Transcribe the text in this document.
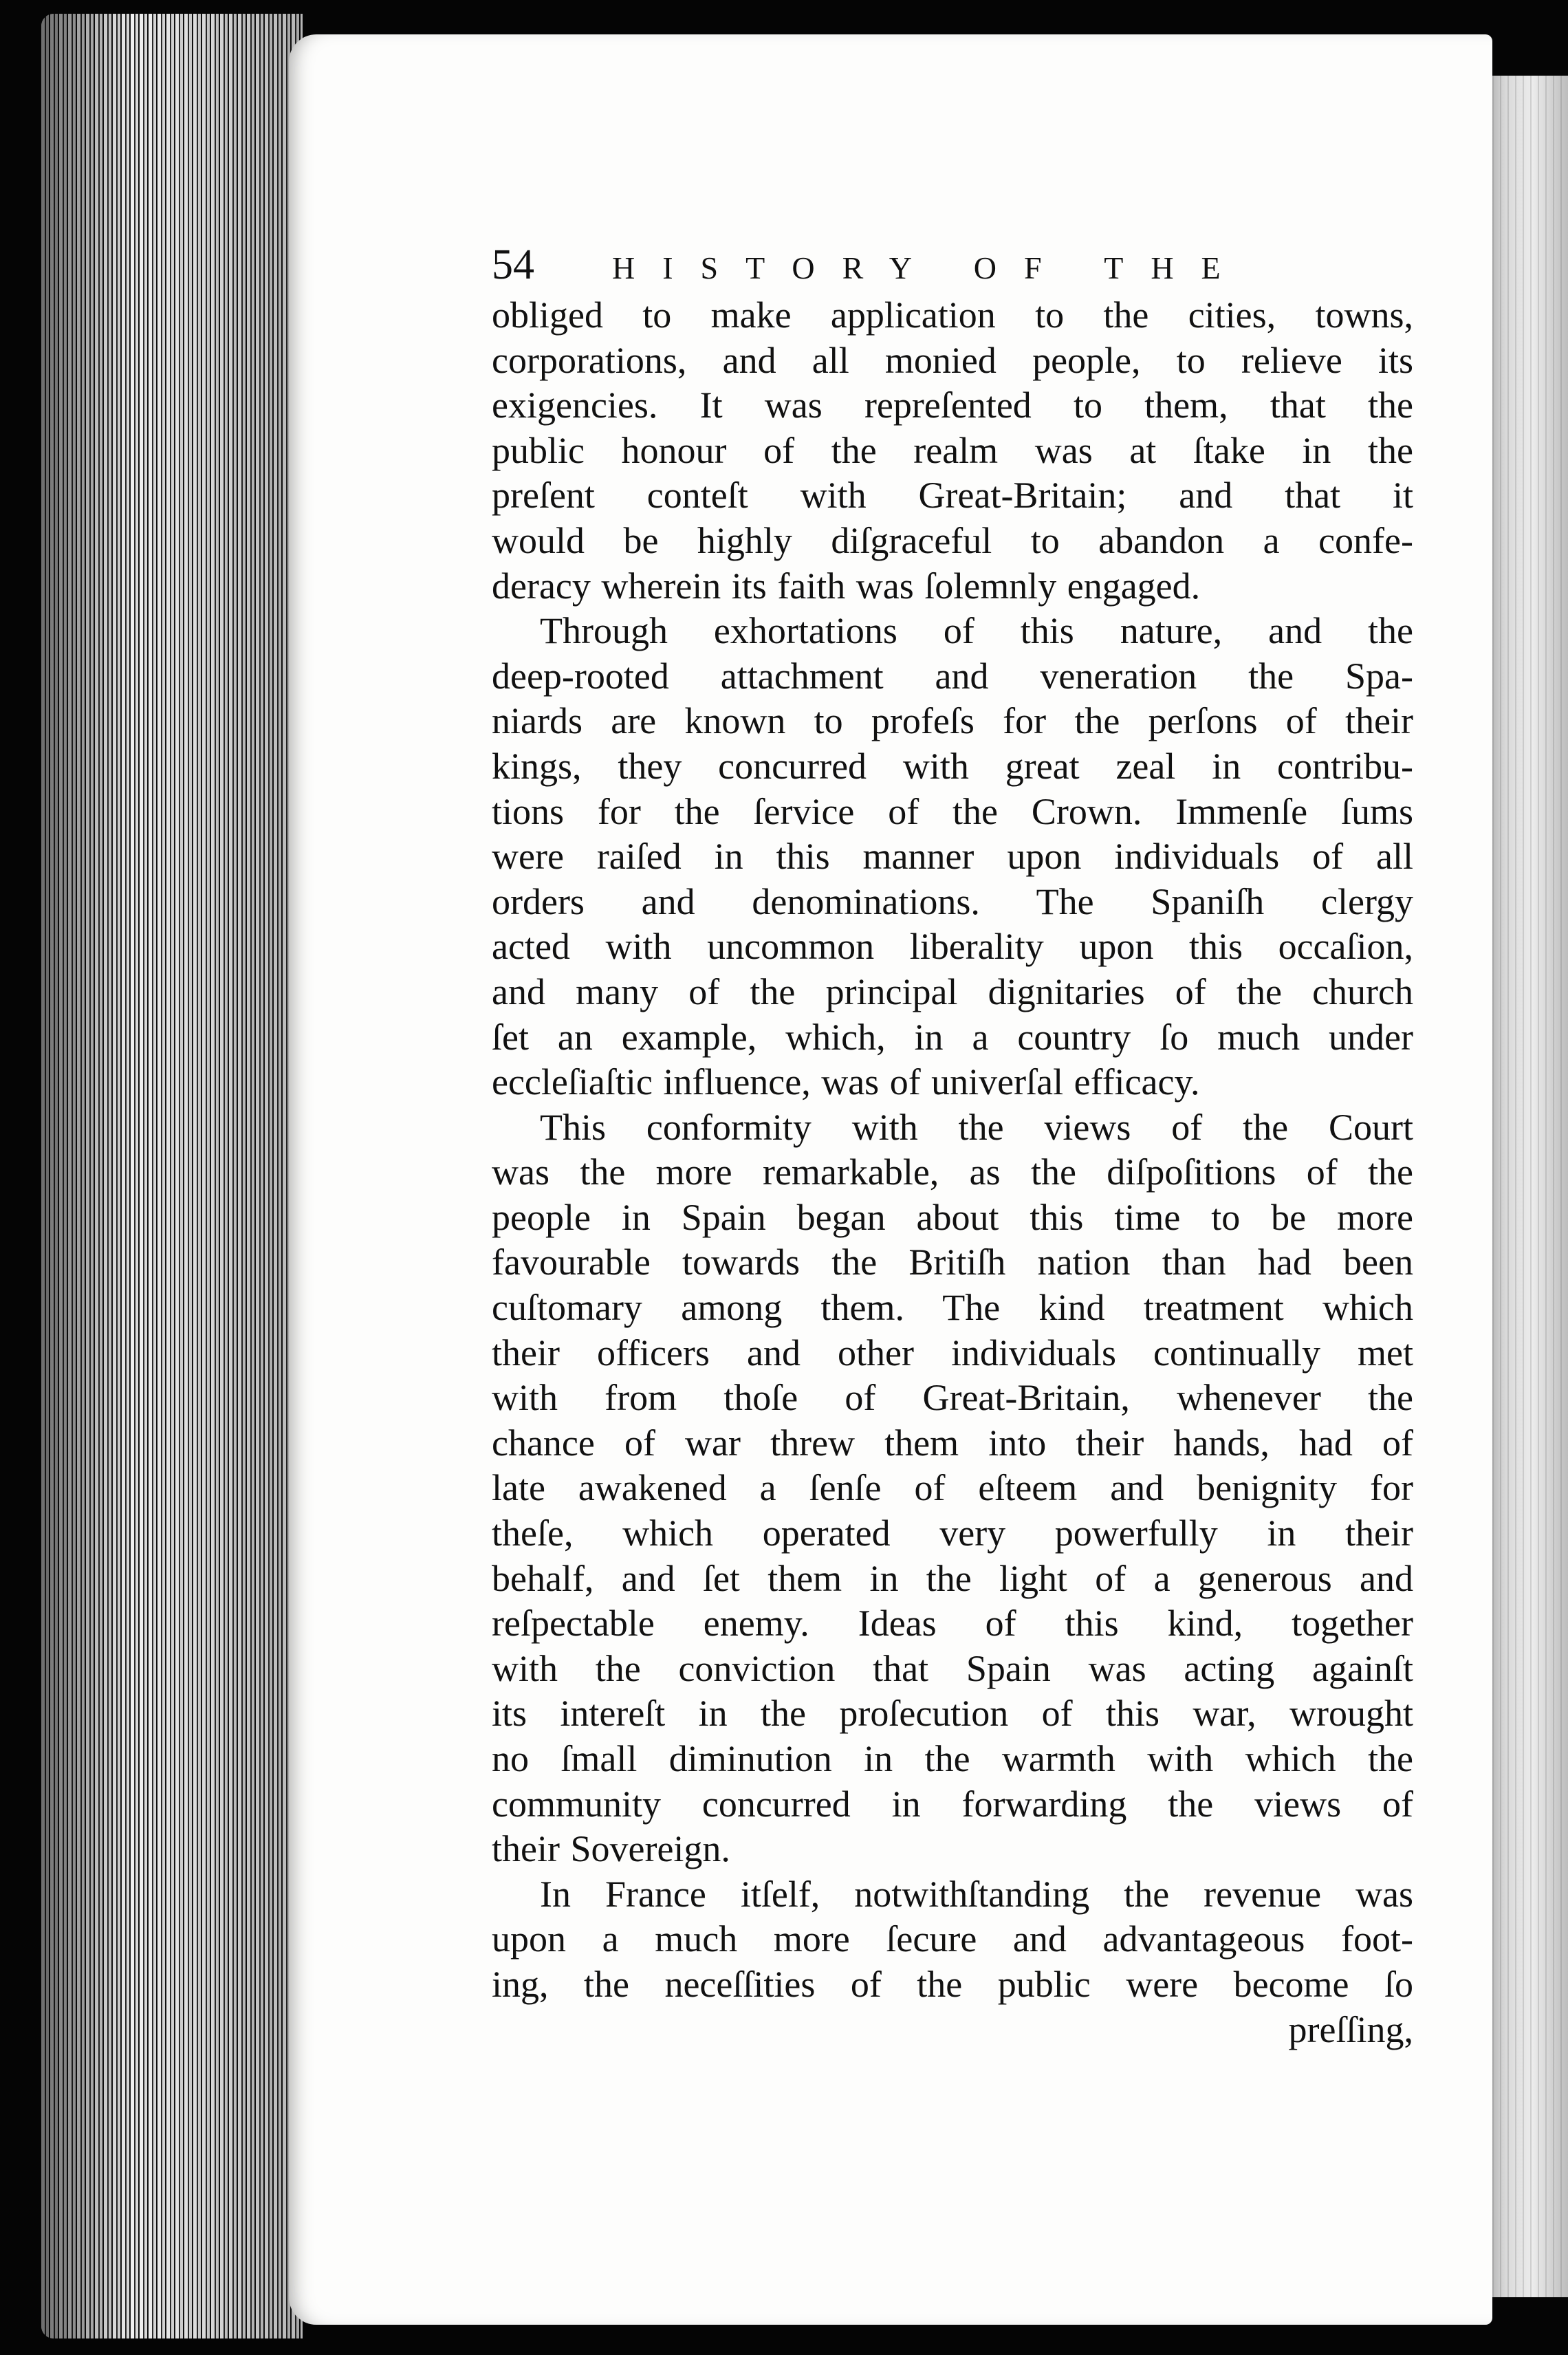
54	HISTORY OF THE
obliged to make application to the cities, towns,
corporations, and all monied people, to relieve its
exigencies. It was repreſented to them, that the
public honour of the realm was at ſtake in the
preſent conteſt with Great-Britain; and that it
would be highly diſgraceful to abandon a confe-
deracy wherein its faith was ſolemnly engaged.
Through exhortations of this nature, and the
deep-rooted attachment and veneration the Spa-
niards are known to profeſs for the perſons of their
kings, they concurred with great zeal in contribu-
tions for the ſervice of the Crown. Immenſe ſums
were raiſed in this manner upon individuals of all
orders and denominations. The Spaniſh clergy
acted with uncommon liberality upon this occaſion,
and many of the principal dignitaries of the church
ſet an example, which, in a country ſo much under
eccleſiaſtic influence, was of univerſal efficacy.
This conformity with the views of the Court
was the more remarkable, as the diſpoſitions of the
people in Spain began about this time to be more
favourable towards the Britiſh nation than had been
cuſtomary among them. The kind treatment which
their officers and other individuals continually met
with from thoſe of Great-Britain, whenever the
chance of war threw them into their hands, had of
late awakened a ſenſe of eſteem and benignity for
theſe, which operated very powerfully in their
behalf, and ſet them in the light of a generous and
reſpectable enemy. Ideas of this kind, together
with the conviction that Spain was acting againſt
its intereſt in the proſecution of this war, wrought
no ſmall diminution in the warmth with which the
community concurred in forwarding the views of
their Sovereign.
In France itſelf, notwithſtanding the revenue was
upon a much more ſecure and advantageous foot-
ing, the neceſſities of the public were become ſo
preſſing,
